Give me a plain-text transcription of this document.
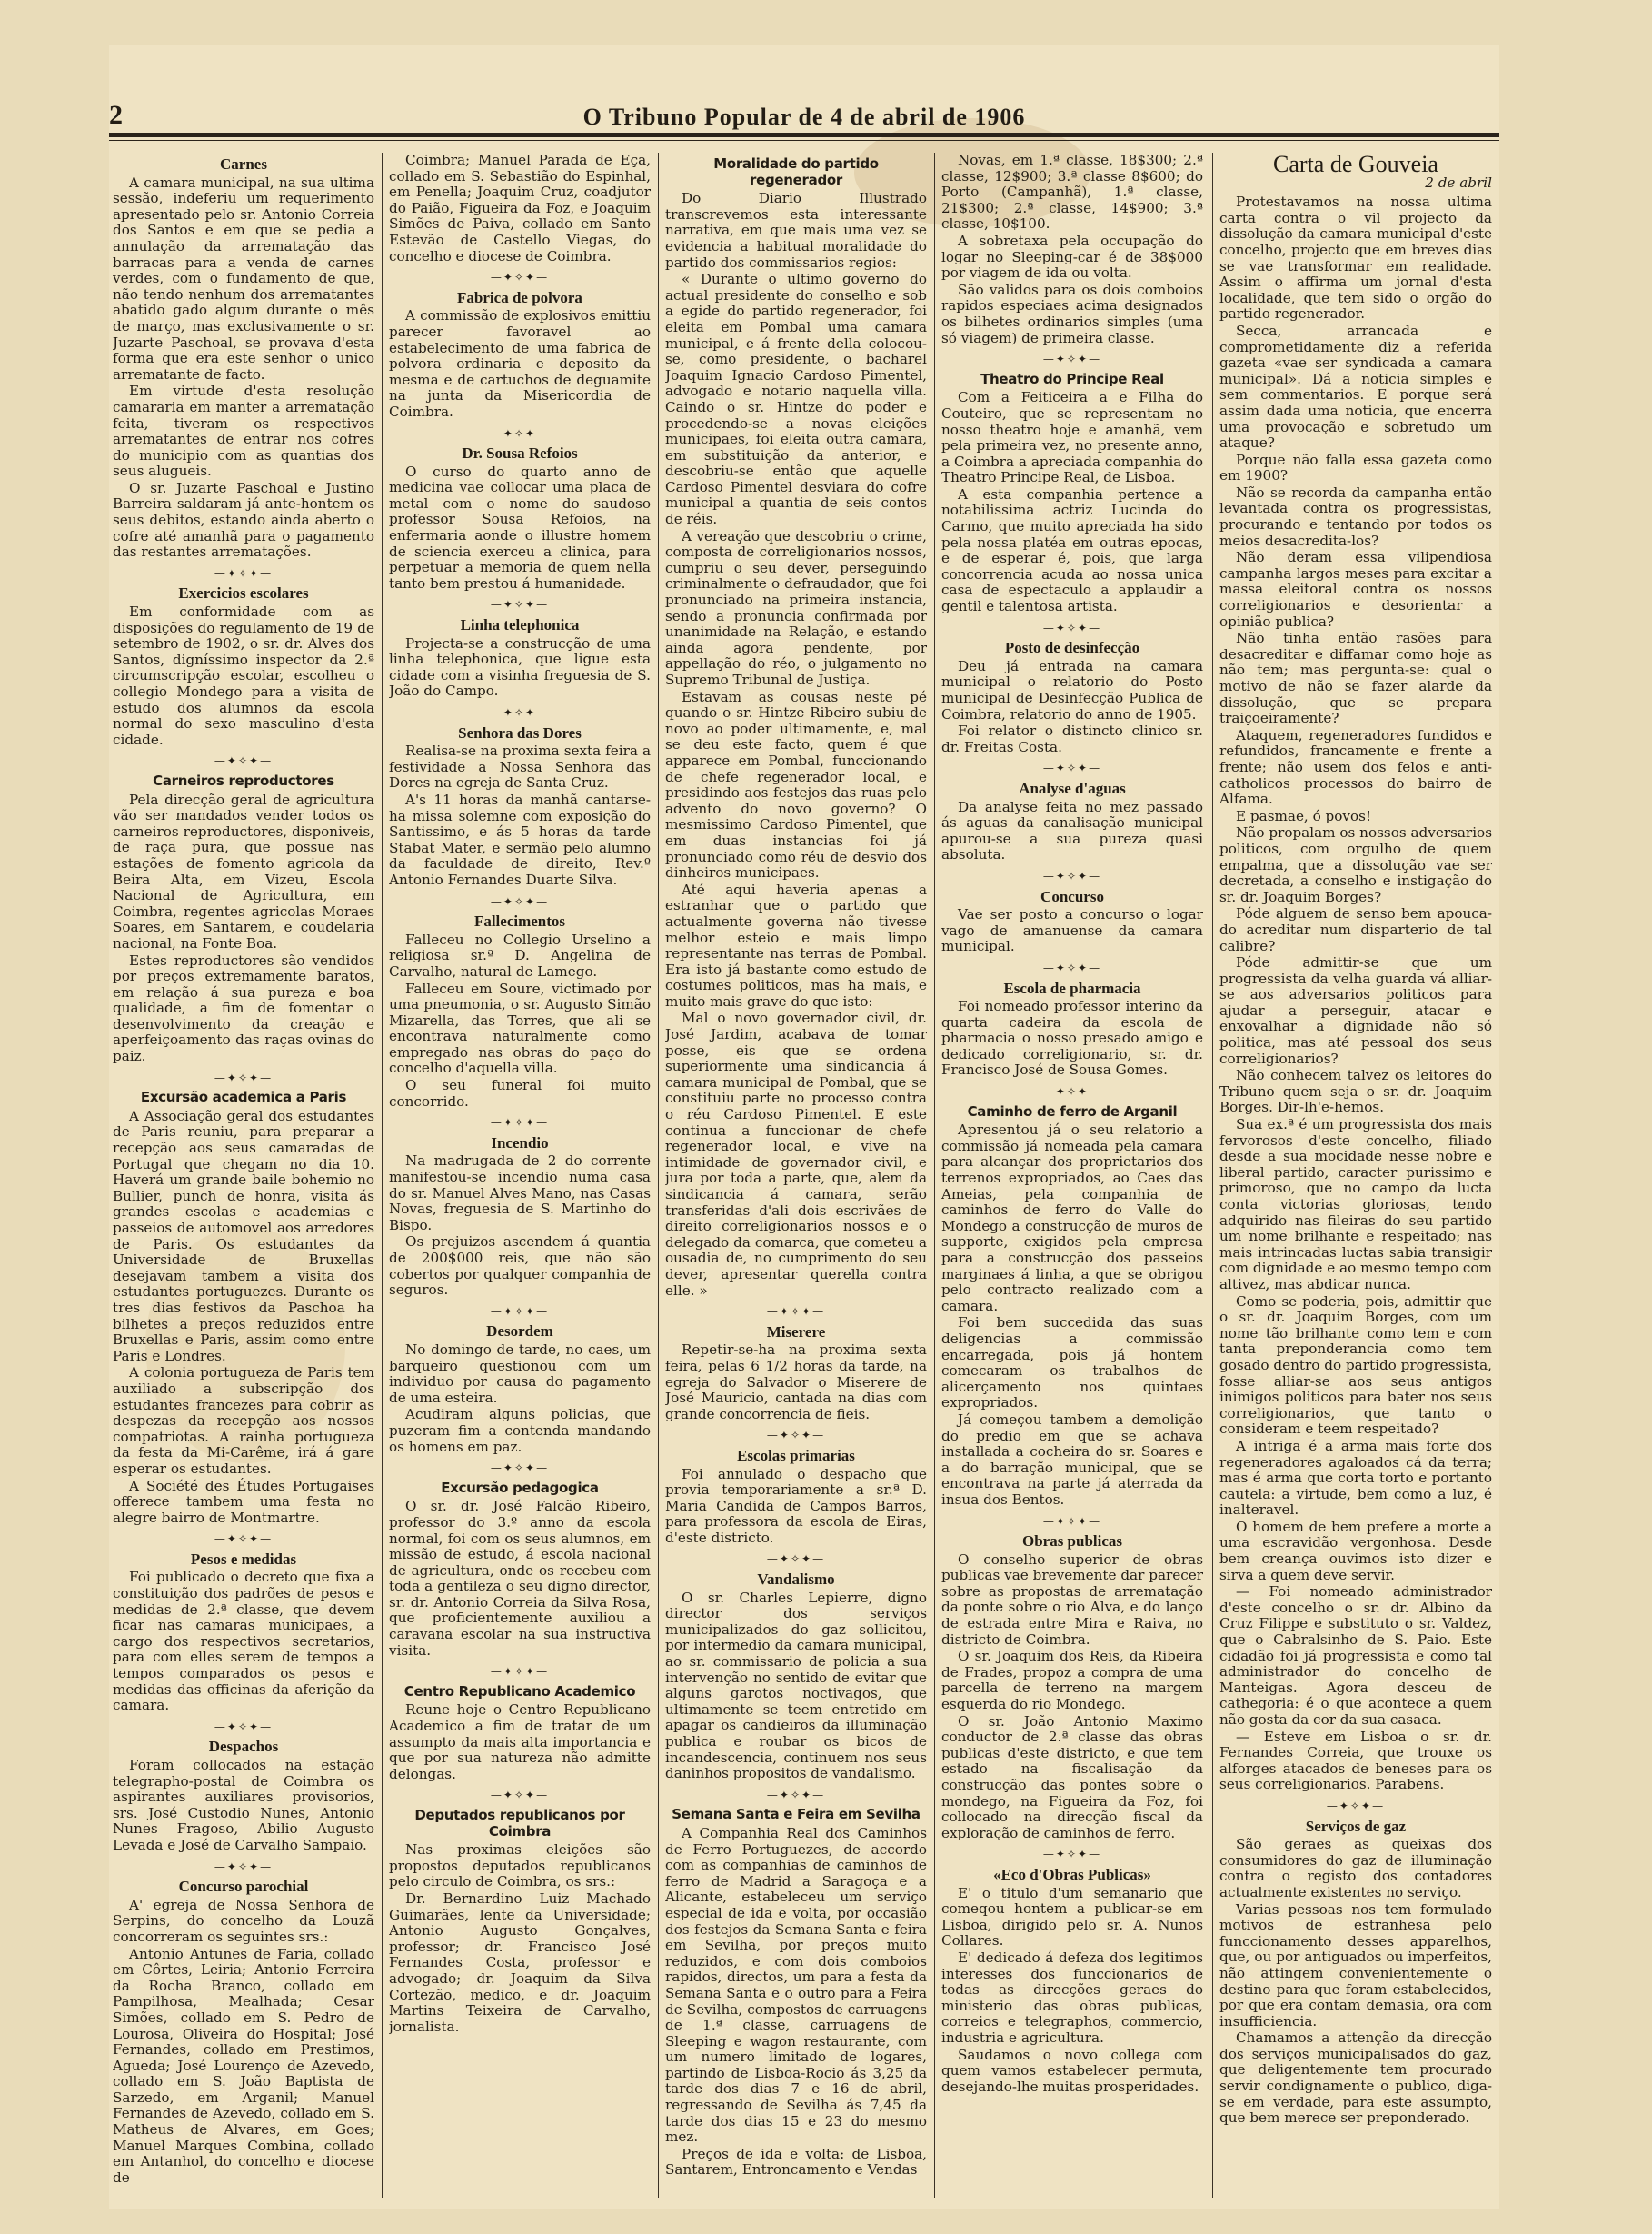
2	O Tribuno Popular de 4 de abril de 1906
Carnes
A camara municipal, na sua ultima sessão, indeferiu um requerimento apresentado pelo sr. Antonio Correia dos Santos e em que se pedia a annulação da arrematação das barracas para a venda de carnes verdes, com o fundamento de que, não tendo nenhum dos arrematantes abatido gado algum durante o mês de março, mas exclusivamente o sr. Juzarte Paschoal, se provava d'esta forma que era este senhor o unico arrematante de facto.
Em virtude d'esta resolução camararia em manter a arrematação feita, tiveram os respectivos arrematantes de entrar nos cofres do municipio com as quantias dos seus alugueis.
O sr. Juzarte Paschoal e Justino Barreira saldaram já ante-hontem os seus debitos, estando ainda aberto o cofre até amanhã para o pagamento das restantes arrematações.
—✦✧✦—
Exercicios escolares
Em conformidade com as disposições do regulamento de 19 de setembro de 1902, o sr. dr. Alves dos Santos, digníssimo inspector da 2.ª circumscripção escolar, escolheu o collegio Mondego para a visita de estudo dos alumnos da escola normal do sexo masculino d'esta cidade.
—✦✧✦—
Carneiros reproductores
Pela direcção geral de agricultura vão ser mandados vender todos os carneiros reproductores, disponiveis, de raça pura, que possue nas estações de fomento agricola da Beira Alta, em Vizeu, Escola Nacional de Agricultura, em Coimbra, regentes agricolas Moraes Soares, em Santarem, e coudelaria nacional, na Fonte Boa.
Estes reproductores são vendidos por preços extremamente baratos, em relação á sua pureza e boa qualidade, a fim de fomentar o desenvolvimento da creação e aperfeiçoamento das raças ovinas do paiz.
—✦✧✦—
Excursão academica a Paris
A Associação geral dos estudantes de Paris reuniu, para preparar a recepção aos seus camaradas de Portugal que chegam no dia 10. Haverá um grande baile bohemio no Bullier, punch de honra, visita ás grandes escolas e academias e passeios de automovel aos arredores de Paris. Os estudantes da Universidade de Bruxellas desejavam tambem a visita dos estudantes portuguezes. Durante os tres dias festivos da Paschoa ha bilhetes a preços reduzidos entre Bruxellas e Paris, assim como entre Paris e Londres.
A colonia portugueza de Paris tem auxiliado a subscripção dos estudantes francezes para cobrir as despezas da recepção aos nossos compatriotas. A rainha portugueza da festa da Mi-Carême, irá á gare esperar os estudantes.
A Société des Études Portugaises offerece tambem uma festa no alegre bairro de Montmartre.
—✦✧✦—
Pesos e medidas
Foi publicado o decreto que fixa a constituição dos padrões de pesos e medidas de 2.ª classe, que devem ficar nas camaras municipaes, a cargo dos respectivos secretarios, para com elles serem de tempos a tempos comparados os pesos e medidas das officinas da aferição da camara.
—✦✧✦—
Despachos
Foram collocados na estação telegrapho-postal de Coimbra os aspirantes auxiliares provisorios, srs. José Custodio Nunes, Antonio Nunes Fragoso, Abilio Augusto Levada e José de Carvalho Sampaio.
—✦✧✦—
Concurso parochial
A' egreja de Nossa Senhora de Serpins, do concelho da Louzã concorreram os seguintes srs.:
Antonio Antunes de Faria, collado em Côrtes, Leiria; Antonio Ferreira da Rocha Branco, collado em Pampilhosa, Mealhada; Cesar Simões, collado em S. Pedro de Lourosa, Oliveira do Hospital; José Fernandes, collado em Prestimos, Agueda; José Lourenço de Azevedo, collado em S. João Baptista de Sarzedo, em Arganil; Manuel Fernandes de Azevedo, collado em S. Matheus de Alvares, em Goes; Manuel Marques Combina, collado em Antanhol, do concelho e diocese de
Coimbra; Manuel Parada de Eça, collado em S. Sebastião do Espinhal, em Penella; Joaquim Cruz, coadjutor do Paião, Figueira da Foz, e Joaquim Simões de Paiva, collado em Santo Estevão de Castello Viegas, do concelho e diocese de Coimbra.
—✦✧✦—
Fabrica de polvora
A commissão de explosivos emittiu parecer favoravel ao estabelecimento de uma fabrica de polvora ordinaria e deposito da mesma e de cartuchos de deguamite na junta da Misericordia de Coimbra.
—✦✧✦—
Dr. Sousa Refoios
O curso do quarto anno de medicina vae collocar uma placa de metal com o nome do saudoso professor Sousa Refoios, na enfermaria aonde o illustre homem de sciencia exerceu a clinica, para perpetuar a memoria de quem nella tanto bem prestou á humanidade.
—✦✧✦—
Linha telephonica
Projecta-se a construcção de uma linha telephonica, que ligue esta cidade com a visinha freguesia de S. João do Campo.
—✦✧✦—
Senhora das Dores
Realisa-se na proxima sexta feira a festividade a Nossa Senhora das Dores na egreja de Santa Cruz.
A's 11 horas da manhã cantarse-ha missa solemne com exposição do Santissimo, e ás 5 horas da tarde Stabat Mater, e sermão pelo alumno da faculdade de direito, Rev.º Antonio Fernandes Duarte Silva.
—✦✧✦—
Fallecimentos
Falleceu no Collegio Urselino a religiosa sr.ª D. Angelina de Carvalho, natural de Lamego.
Falleceu em Soure, victimado por uma pneumonia, o sr. Augusto Simão Mizarella, das Torres, que ali se encontrava naturalmente como empregado nas obras do paço do concelho d'aquella villa.
O seu funeral foi muito concorrido.
—✦✧✦—
Incendio
Na madrugada de 2 do corrente manifestou-se incendio numa casa do sr. Manuel Alves Mano, nas Casas Novas, freguesia de S. Martinho do Bispo.
Os prejuizos ascendem á quantia de 200$000 reis, que não são cobertos por qualquer companhia de seguros.
—✦✧✦—
Desordem
No domingo de tarde, no caes, um barqueiro questionou com um individuo por causa do pagamento de uma esteira.
Acudiram alguns policias, que puzeram fim a contenda mandando os homens em paz.
—✦✧✦—
Excursão pedagogica
O sr. dr. José Falcão Ribeiro, professor do 3.º anno da escola normal, foi com os seus alumnos, em missão de estudo, á escola nacional de agricultura, onde os recebeu com toda a gentileza o seu digno director, sr. dr. Antonio Correia da Silva Rosa, que proficientemente auxiliou a caravana escolar na sua instructiva visita.
—✦✧✦—
Centro Republicano Academico
Reune hoje o Centro Republicano Academico a fim de tratar de um assumpto da mais alta importancia e que por sua natureza não admitte delongas.
—✦✧✦—
Deputados republicanos por Coimbra
Nas proximas eleições são propostos deputados republicanos pelo circulo de Coimbra, os srs.:
Dr. Bernardino Luiz Machado Guimarães, lente da Universidade; Antonio Augusto Gonçalves, professor; dr. Francisco José Fernandes Costa, professor e advogado; dr. Joaquim da Silva Cortezão, medico, e dr. Joaquim Martins Teixeira de Carvalho, jornalista.
Moralidade do partido regenerador
Do Diario Illustrado transcrevemos esta interessante narrativa, em que mais uma vez se evidencia a habitual moralidade do partido dos commissarios regios:
« Durante o ultimo governo do actual presidente do conselho e sob a egide do partido regenerador, foi eleita em Pombal uma camara municipal, e á frente della colocou-se, como presidente, o bacharel Joaquim Ignacio Cardoso Pimentel, advogado e notario naquella villa. Caindo o sr. Hintze do poder e procedendo-se a novas eleições municipaes, foi eleita outra camara, em substituição da anterior, e descobriu-se então que aquelle Cardoso Pimentel desviara do cofre municipal a quantia de seis contos de réis.
A vereação que descobriu o crime, composta de correligionarios nossos, cumpriu o seu dever, perseguindo criminalmente o defraudador, que foi pronunciado na primeira instancia, sendo a pronuncia confirmada por unanimidade na Relação, e estando ainda agora pendente, por appellação do réo, o julgamento no Supremo Tribunal de Justiça.
Estavam as cousas neste pé quando o sr. Hintze Ribeiro subiu de novo ao poder ultimamente, e, mal se deu este facto, quem é que apparece em Pombal, funccionando de chefe regenerador local, e presidindo aos festejos das ruas pelo advento do novo governo? O mesmissimo Cardoso Pimentel, que em duas instancias foi já pronunciado como réu de desvio dos dinheiros municipaes.
Até aqui haveria apenas a estranhar que o partido que actualmente governa não tivesse melhor esteio e mais limpo representante nas terras de Pombal. Era isto já bastante como estudo de costumes politicos, mas ha mais, e muito mais grave do que isto:
Mal o novo governador civil, dr. José Jardim, acabava de tomar posse, eis que se ordena superiormente uma sindicancia á camara municipal de Pombal, que se constituiu parte no processo contra o réu Cardoso Pimentel. E este continua a funccionar de chefe regenerador local, e vive na intimidade de governador civil, e jura por toda a parte, que, alem da sindicancia á camara, serão transferidas d'ali dois escrivães de direito correligionarios nossos e o delegado da comarca, que cometeu a ousadia de, no cumprimento do seu dever, apresentar querella contra elle. »
—✦✧✦—
Miserere
Repetir-se-ha na proxima sexta feira, pelas 6 1/2 horas da tarde, na egreja do Salvador o Miserere de José Mauricio, cantada na dias com grande concorrencia de fieis.
—✦✧✦—
Escolas primarias
Foi annulado o despacho que provia temporariamente a sr.ª D. Maria Candida de Campos Barros, para professora da escola de Eiras, d'este districto.
—✦✧✦—
Vandalismo
O sr. Charles Lepierre, digno director dos serviços municipalizados do gaz sollicitou, por intermedio da camara municipal, ao sr. commissario de policia a sua intervenção no sentido de evitar que alguns garotos noctivagos, que ultimamente se teem entretido em apagar os candieiros da illuminação publica e roubar os bicos de incandescencia, continuem nos seus daninhos propositos de vandalismo.
—✦✧✦—
Semana Santa e Feira em Sevilha
A Companhia Real dos Caminhos de Ferro Portuguezes, de accordo com as companhias de caminhos de ferro de Madrid a Saragoça e a Alicante, estabeleceu um serviço especial de ida e volta, por occasião dos festejos da Semana Santa e feira em Sevilha, por preços muito reduzidos, e com dois comboios rapidos, directos, um para a festa da Semana Santa e o outro para a Feira de Sevilha, compostos de carruagens de 1.ª classe, carruagens de Sleeping e wagon restaurante, com um numero limitado de logares, partindo de Lisboa-Rocio ás 3,25 da tarde dos dias 7 e 16 de abril, regressando de Sevilha ás 7,45 da tarde dos dias 15 e 23 do mesmo mez.
Preços de ida e volta: de Lisboa, Santarem, Entroncamento e Vendas
Novas, em 1.ª classe, 18$300; 2.ª classe, 12$900; 3.ª classe 8$600; do Porto (Campanhã), 1.ª classe, 21$300; 2.ª classe, 14$900; 3.ª classe, 10$100.
A sobretaxa pela occupação do logar no Sleeping-car é de 38$000 por viagem de ida ou volta.
São validos para os dois comboios rapidos especiaes acima designados os bilhetes ordinarios simples (uma só viagem) de primeira classe.
—✦✧✦—
Theatro do Principe Real
Com a Feiticeira a e Filha do Couteiro, que se representam no nosso theatro hoje e amanhã, vem pela primeira vez, no presente anno, a Coimbra a apreciada companhia do Theatro Principe Real, de Lisboa.
A esta companhia pertence a notabilissima actriz Lucinda do Carmo, que muito apreciada ha sido pela nossa platéa em outras epocas, e de esperar é, pois, que larga concorrencia acuda ao nossa unica casa de espectaculo a applaudir a gentil e talentosa artista.
—✦✧✦—
Posto de desinfecção
Deu já entrada na camara municipal o relatorio do Posto municipal de Desinfecção Publica de Coimbra, relatorio do anno de 1905.
Foi relator o distincto clinico sr. dr. Freitas Costa.
—✦✧✦—
Analyse d'aguas
Da analyse feita no mez passado ás aguas da canalisação municipal apurou-se a sua pureza quasi absoluta.
—✦✧✦—
Concurso
Vae ser posto a concurso o logar vago de amanuense da camara municipal.
—✦✧✦—
Escola de pharmacia
Foi nomeado professor interino da quarta cadeira da escola de pharmacia o nosso presado amigo e dedicado correligionario, sr. dr. Francisco José de Sousa Gomes.
—✦✧✦—
Caminho de ferro de Arganil
Apresentou já o seu relatorio a commissão já nomeada pela camara para alcançar dos proprietarios dos terrenos expropriados, ao Caes das Ameias, pela companhia de caminhos de ferro do Valle do Mondego a construcção de muros de supporte, exigidos pela empresa para a construcção dos passeios marginaes á linha, a que se obrigou pelo contracto realizado com a camara.
Foi bem succedida das suas deligencias a commissão encarregada, pois já hontem comecaram os trabalhos de alicerçamento nos quintaes expropriados.
Já começou tambem a demolição do predio em que se achava installada a cocheira do sr. Soares e a do barração municipal, que se encontrava na parte já aterrada da insua dos Bentos.
—✦✧✦—
Obras publicas
O conselho superior de obras publicas vae brevemente dar parecer sobre as propostas de arrematação da ponte sobre o rio Alva, e do lanço de estrada entre Mira e Raiva, no districto de Coimbra.
O sr. Joaquim dos Reis, da Ribeira de Frades, propoz a compra de uma parcella de terreno na margem esquerda do rio Mondego.
O sr. João Antonio Maximo conductor de 2.ª classe das obras publicas d'este districto, e que tem estado na fiscalisação da construcção das pontes sobre o mondego, na Figueira da Foz, foi collocado na direcção fiscal da exploração de caminhos de ferro.
—✦✧✦—
«Eco d'Obras Publicas»
E' o titulo d'um semanario que comeqou hontem a publicar-se em Lisboa, dirigido pelo sr. A. Nunos Collares.
E' dedicado á defeza dos legitimos interesses dos funccionarios de todas as direcções geraes do ministerio das obras publicas, correios e telegraphos, commercio, industria e agricultura.
Saudamos o novo collega com quem vamos estabelecer permuta, desejando-lhe muitas prosperidades.
Carta de Gouveia
2 de abril
Protestavamos na nossa ultima carta contra o vil projecto da dissolução da camara municipal d'este concelho, projecto que em breves dias se vae transformar em realidade. Assim o affirma um jornal d'esta localidade, que tem sido o orgão do partido regenerador.
Secca, arrancada e comprometidamente diz a referida gazeta «vae ser syndicada a camara municipal». Dá a noticia simples e sem commentarios. E porque será assim dada uma noticia, que encerra uma provocação e sobretudo um ataque?
Porque não falla essa gazeta como em 1900?
Não se recorda da campanha então levantada contra os progressistas, procurando e tentando por todos os meios desacredita-los?
Não deram essa vilipendiosa campanha largos meses para excitar a massa eleitoral contra os nossos correligionarios e desorientar a opinião publica?
Não tinha então rasões para desacreditar e diffamar como hoje as não tem; mas pergunta-se: qual o motivo de não se fazer alarde da dissolução, que se prepara traiçoeiramente?
Ataquem, regeneradores fundidos e refundidos, francamente e frente a frente; não usem dos felos e anti-catholicos processos do bairro de Alfama.
E pasmae, ó povos!
Não propalam os nossos adversarios politicos, com orgulho de quem empalma, que a dissolução vae ser decretada, a conselho e instigação do sr. dr. Joaquim Borges?
Póde alguem de senso bem apouca-do acreditar num disparterio de tal calibre?
Póde admittir-se que um progressista da velha guarda vá alliar-se aos adversarios politicos para ajudar a perseguir, atacar e enxovalhar a dignidade não só politica, mas até pessoal dos seus correligionarios?
Não conhecem talvez os leitores do Tribuno quem seja o sr. dr. Joaquim Borges. Dir-lh'e-hemos.
Sua ex.ª é um progressista dos mais fervorosos d'este concelho, filiado desde a sua mocidade nesse nobre e liberal partido, caracter purissimo e primoroso, que no campo da lucta conta victorias gloriosas, tendo adquirido nas fileiras do seu partido um nome brilhante e respeitado; nas mais intrincadas luctas sabia transigir com dignidade e ao mesmo tempo com altivez, mas abdicar nunca.
Como se poderia, pois, admittir que o sr. dr. Joaquim Borges, com um nome tão brilhante como tem e com tanta preponderancia como tem gosado dentro do partido progressista, fosse alliar-se aos seus antigos inimigos politicos para bater nos seus correligionarios, que tanto o consideram e teem respeitado?
A intriga é a arma mais forte dos regeneradores agaloados cá da terra; mas é arma que corta torto e portanto cautela: a virtude, bem como a luz, é inalteravel.
O homem de bem prefere a morte a uma escravidão vergonhosa. Desde bem creança ouvimos isto dizer e sirva a quem deve servir.
— Foi nomeado administrador d'este concelho o sr. dr. Albino da Cruz Filippe e substituto o sr. Valdez, que o Cabralsinho de S. Paio. Este cidadão foi já progressista e como tal administrador do concelho de Manteigas. Agora desceu de cathegoria: é o que acontece a quem não gosta da cor da sua casaca.
— Esteve em Lisboa o sr. dr. Fernandes Correia, que trouxe os alforges atacados de beneses para os seus correligionarios. Parabens.
—✦✧✦—
Serviços de gaz
São geraes as queixas dos consumidores do gaz de illuminação contra o registo dos contadores actualmente existentes no serviço.
Varias pessoas nos tem formulado motivos de estranhesa pelo funccionamento desses apparelhos, que, ou por antiguados ou imperfeitos, não attingem convenientemente o destino para que foram estabelecidos, por que era contam demasia, ora com insufficiencia.
Chamamos a attenção da direcção dos serviços municipalisados do gaz, que deligentemente tem procurado servir condignamente o publico, diga-se em verdade, para este assumpto, que bem merece ser preponderado.
